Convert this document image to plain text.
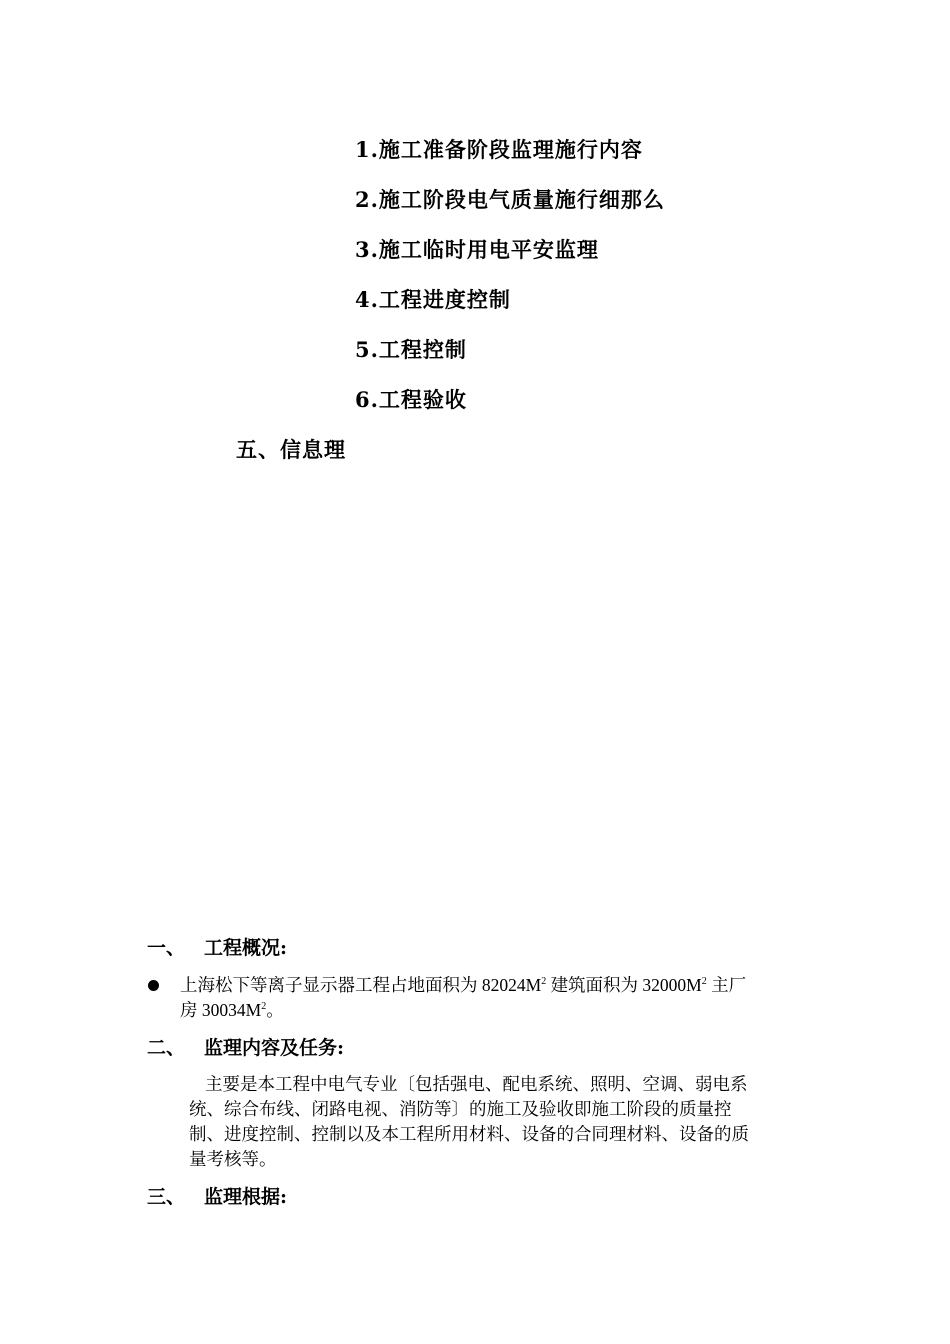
1.施工准备阶段监理施行内容
2.施工阶段电气质量施行细那么
3.施工临时用电平安监理
4.工程进度控制
5.工程控制
6.工程验收
五、信息理
一、 工程概况:
上海松下等离子显示器工程占地面积为 $82024M^2$ 建筑面积为 $32000M^2$ 主厂
房 $30034M^2$。
二、 监理内容及任务:
主要是本工程中电气专业〔包括强电、配电系统、照明、空调、弱电系
统、综合布线、闭路电视、消防等〕的施工及验收即施工阶段的质量控
制、进度控制、控制以及本工程所用材料、设备的合同理材料、设备的质
量考核等。
三、 监理根据:
